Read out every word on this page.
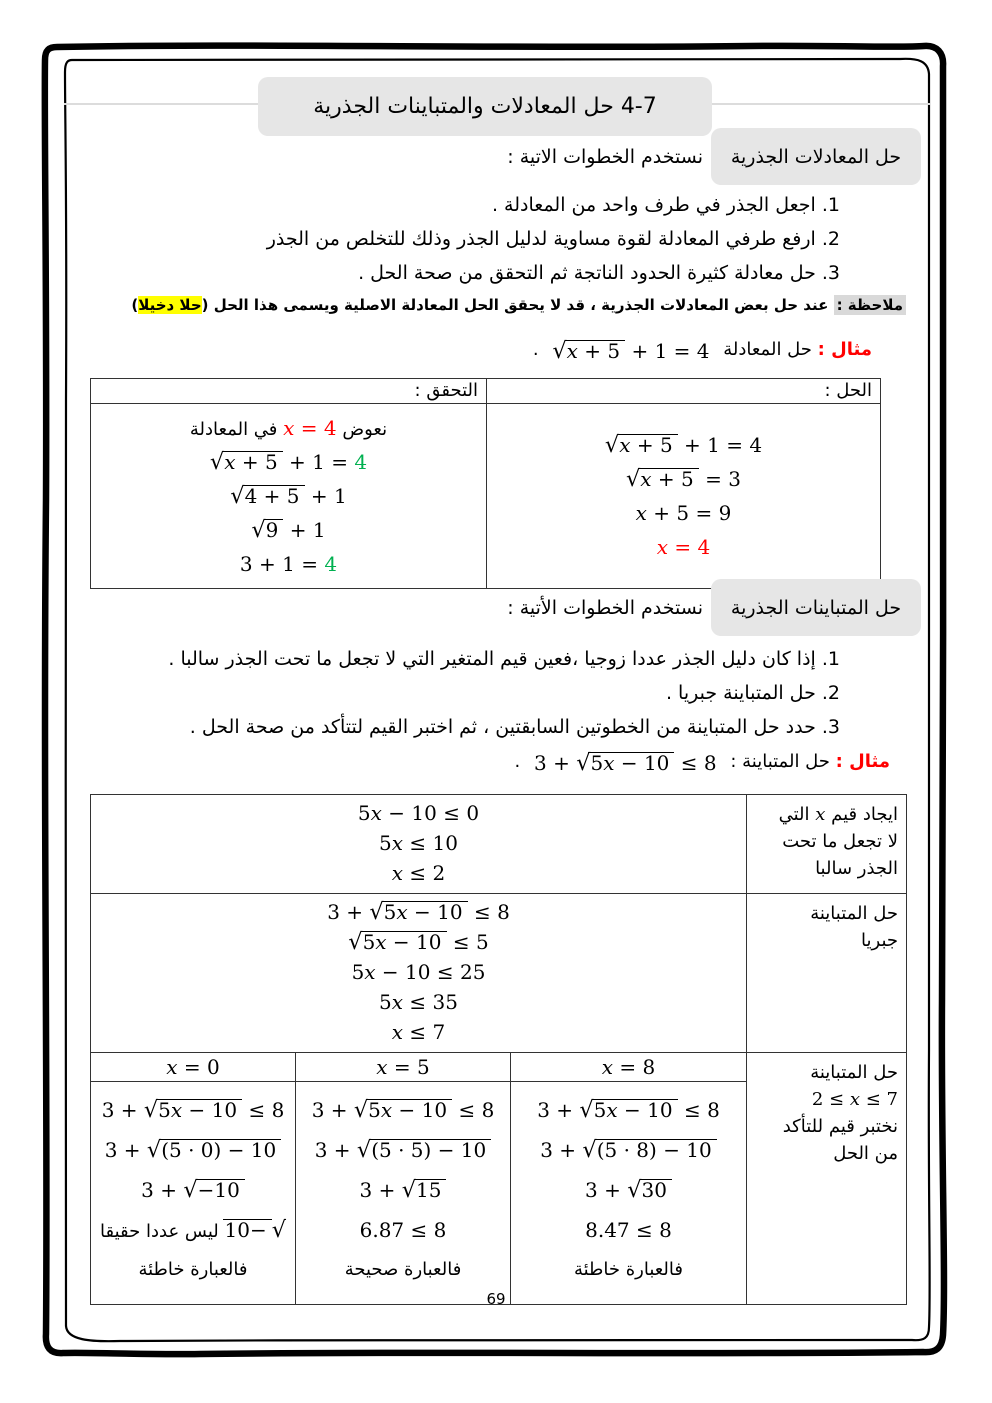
4-7 حل المعادلات والمتباينات الجذرية
حل المعادلات الجذرية
نستخدم الخطوات الاتية :
1. اجعل الجذر في طرف واحد من المعادلة .
2. ارفع طرفي المعادلة لقوة مساوية لدليل الجذر وذلك للتخلص من الجذر
3. حل معادلة كثيرة الحدود الناتجة ثم التحقق من صحة الحل .
ملاحظة : عند حل بعض المعادلات الجذرية ، قد لا يحقق الحل المعادلة الاصلية ويسمى هذا الحل (حلا دخيلا)
مثال : حل المعادلة √x + 5 + 1 = 4 .
الحل :
التحقق :
√x + 5 + 1 = 4
√x + 5 = 3
x + 5 = 9
x = 4
نعوض x = 4 في المعادلة
√x + 5 + 1 = 4
√4 + 5 + 1
√9 + 1
3 + 1 = 4
حل المتباينات الجذرية
نستخدم الخطوات الأتية :
1. إذا كان دليل الجذر عددا زوجيا ،فعين قيم المتغير التي لا تجعل ما تحت الجذر سالبا .
2. حل المتباينة جبريا .
3. حدد حل المتباينة من الخطوتين السابقتين ، ثم اختبر القيم لتتأكد من صحة الحل .
مثال : حل المتباينة : 3 + √5x − 10 ≤ 8 .
ايجاد قيم x التي
لا تجعل ما تحت
الجذر سالبا
5x − 10 ≤ 0
5x ≤ 10
x ≤ 2
حل المتباينة
جبريا
3 + √5x − 10 ≤ 8
√5x − 10 ≤ 5
5x − 10 ≤ 25
5x ≤ 35
x ≤ 7
حل المتباينة
2 ≤ x ≤ 7
نختبر قيم للتأكد
من الحل
x = 0
3 + √5x − 10 ≤ 8
3 + √(5 · 0) − 10
3 + √−10
√−10 ليس عددا حقيقا
فالعبارة خاطئة
x = 5
3 + √5x − 10 ≤ 8
3 + √(5 · 5) − 10
3 + √15
6.87 ≤ 8
فالعبارة صحيحة
x = 8
3 + √5x − 10 ≤ 8
3 + √(5 · 8) − 10
3 + √30
8.47 ≤ 8
فالعبارة خاطئة
69
